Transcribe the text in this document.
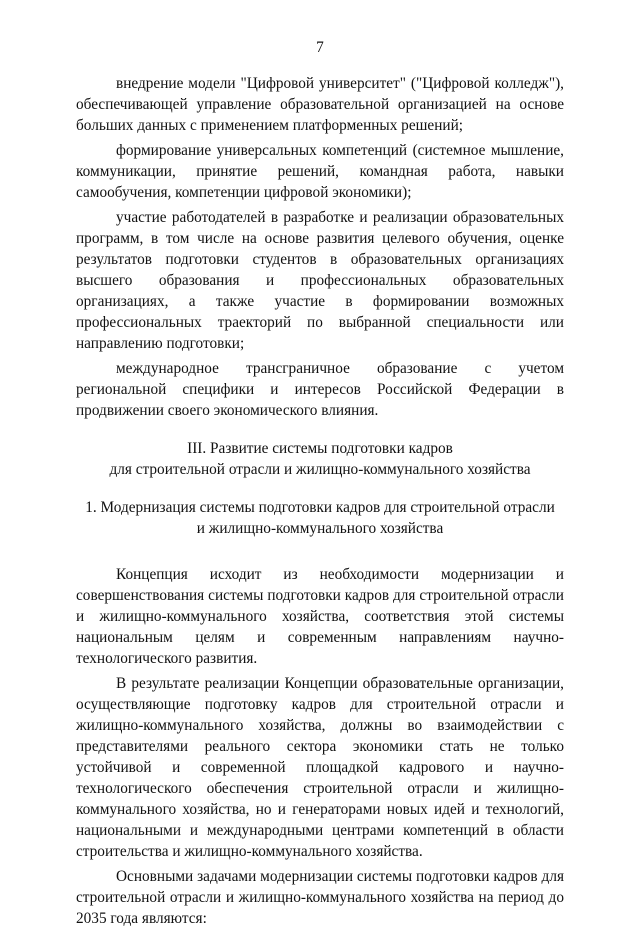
7

внедрение модели "Цифровой университет" ("Цифровой колледж"), обеспечивающей управление образовательной организацией на основе больших данных с применением платформенных решений;

формирование универсальных компетенций (системное мышление, коммуникации, принятие решений, командная работа, навыки самообучения, компетенции цифровой экономики);

участие работодателей в разработке и реализации образовательных программ, в том числе на основе развития целевого обучения, оценке результатов подготовки студентов в образовательных организациях высшего образования и профессиональных образовательных организациях, а также участие в формировании возможных профессиональных траекторий по выбранной специальности или направлению подготовки;

международное трансграничное образование с учетом региональной специфики и интересов Российской Федерации в продвижении своего экономического влияния.

III. Развитие системы подготовки кадров
для строительной отрасли и жилищно-коммунального хозяйства
1. Модернизация системы подготовки кадров для строительной отрасли
и жилищно-коммунального хозяйства

Концепция исходит из необходимости модернизации и совершенствования системы подготовки кадров для строительной отрасли и жилищно-коммунального хозяйства, соответствия этой системы национальным целям и современным направлениям научно-технологического развития.

В результате реализации Концепции образовательные организации, осуществляющие подготовку кадров для строительной отрасли и жилищно-коммунального хозяйства, должны во взаимодействии с представителями реального сектора экономики стать не только устойчивой и современной площадкой кадрового и научно-технологического обеспечения строительной отрасли и жилищно-коммунального хозяйства, но и генераторами новых идей и технологий, национальными и международными центрами компетенций в области строительства и жилищно-коммунального хозяйства.

Основными задачами модернизации системы подготовки кадров для строительной отрасли и жилищно-коммунального хозяйства на период до 2035 года являются:
